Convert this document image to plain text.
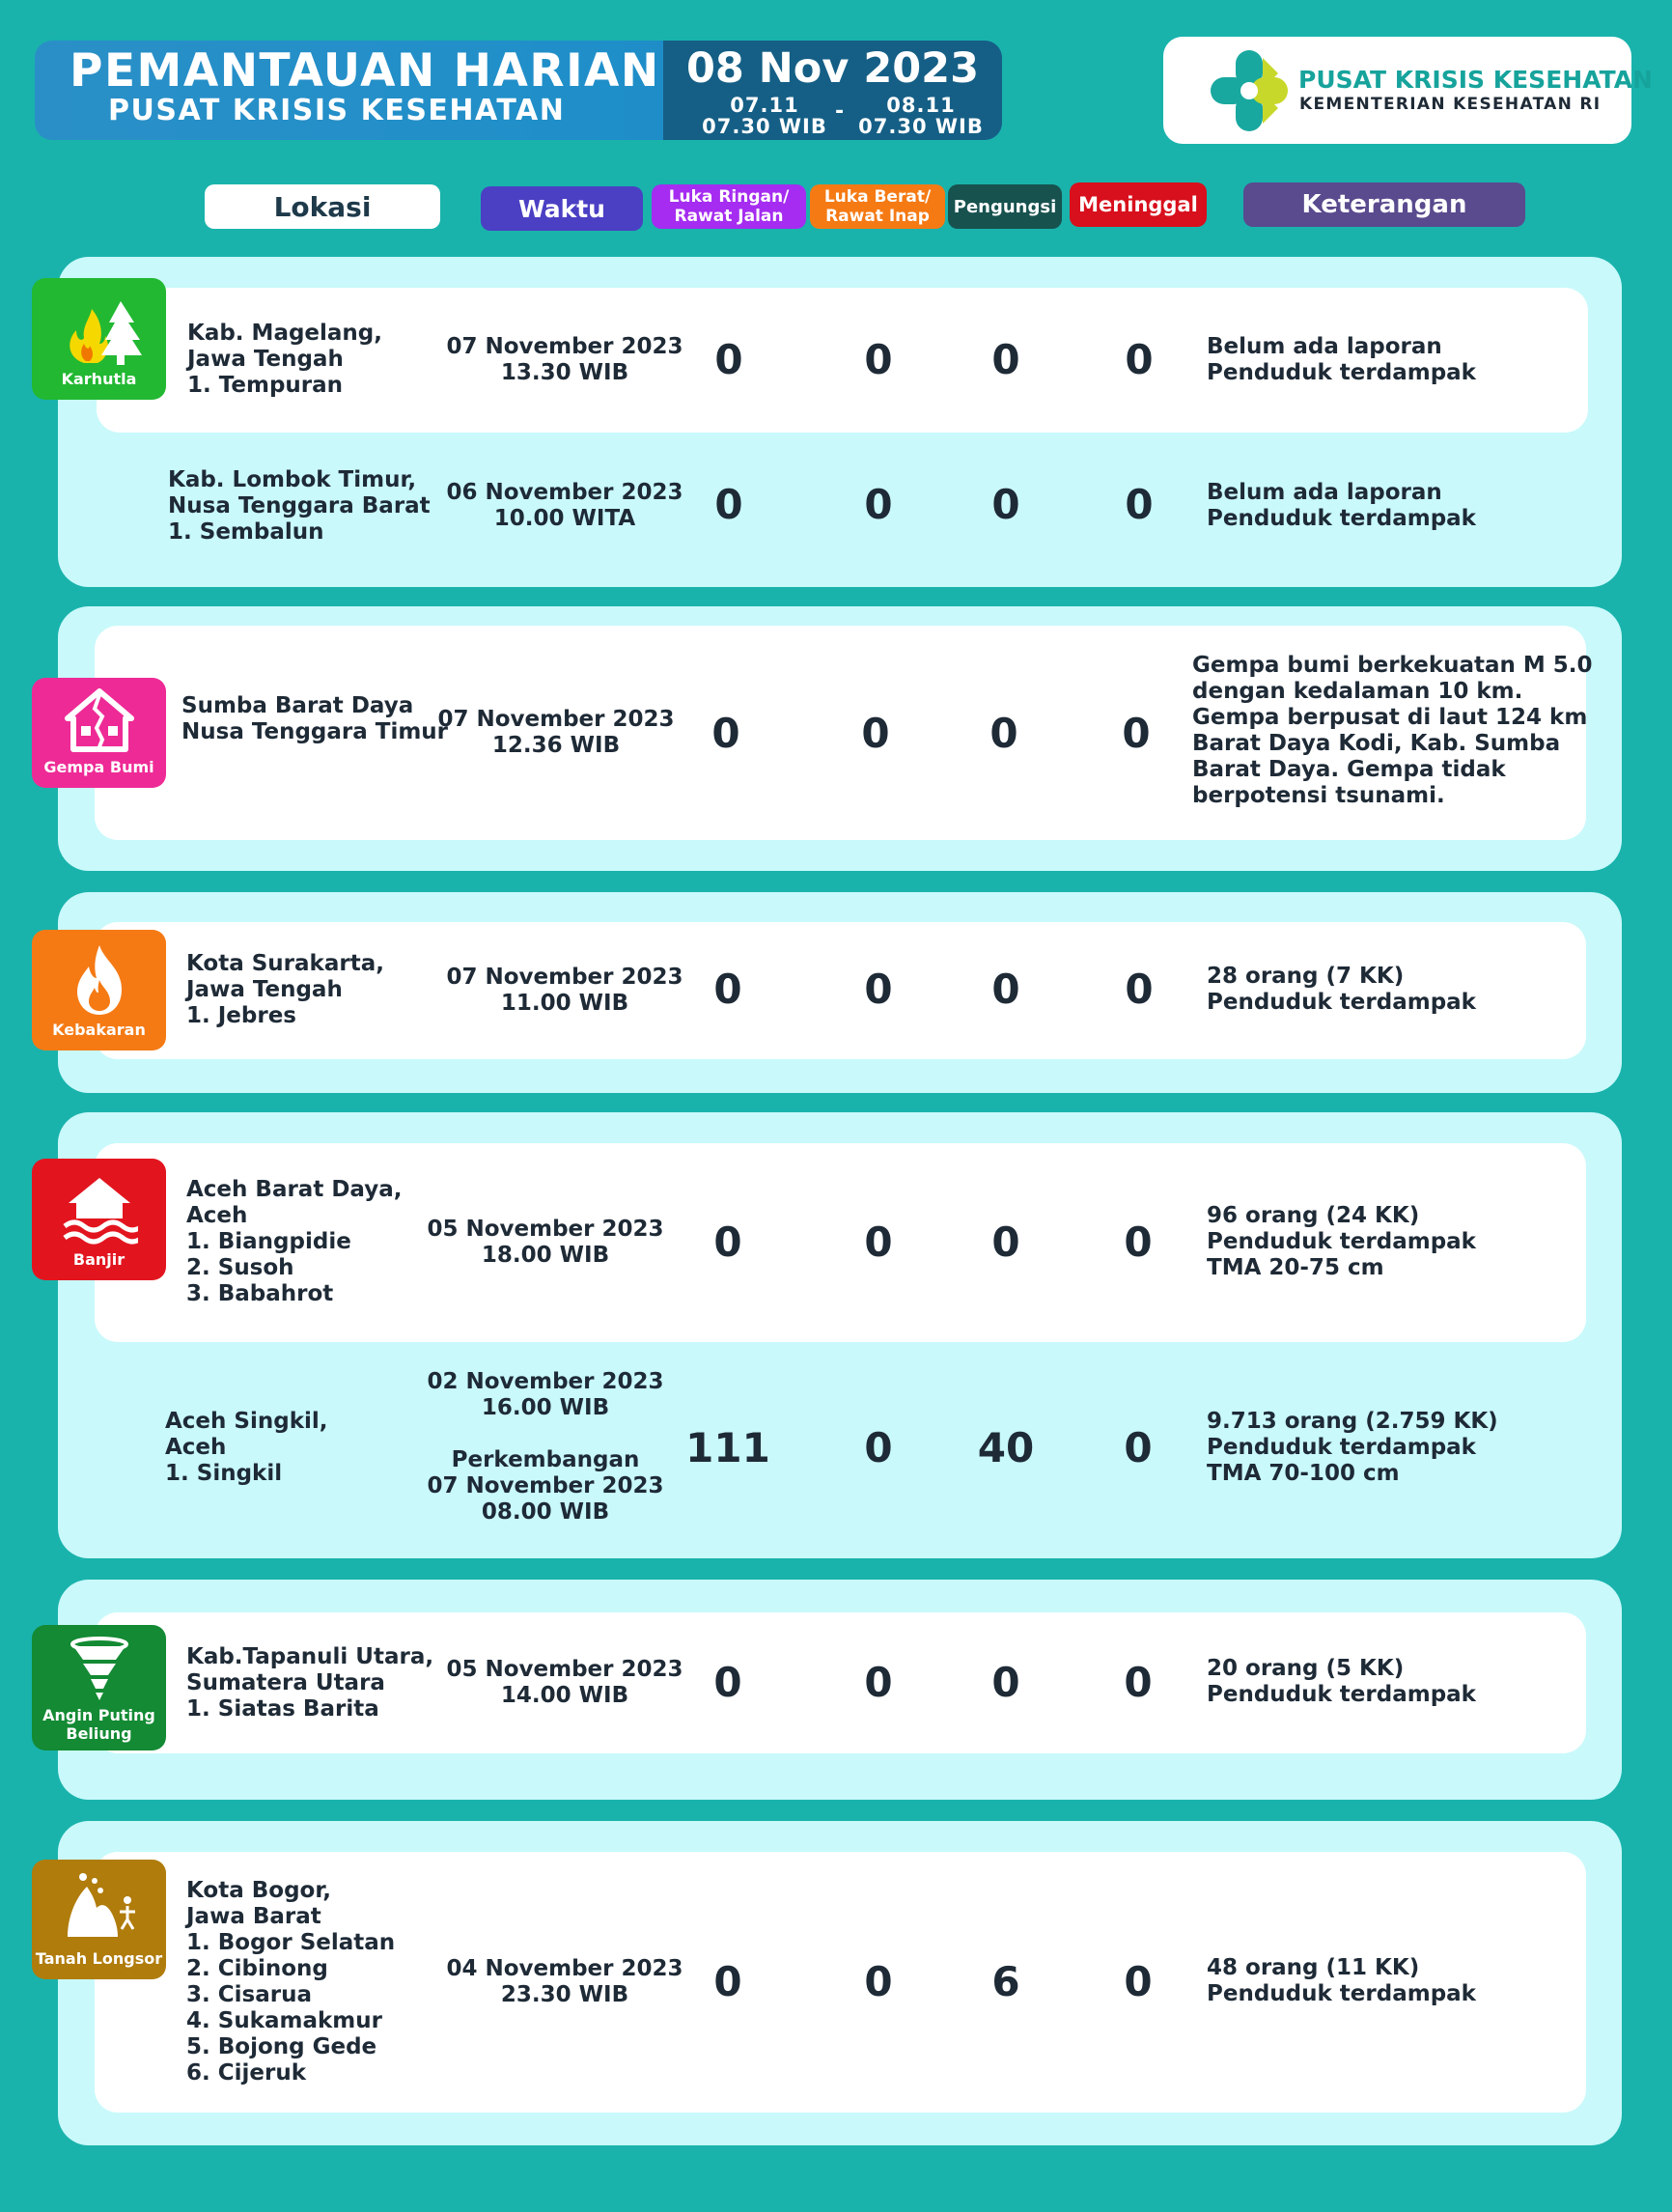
PEMANTAUAN HARIAN
PUSAT KRISIS KESEHATAN
08 Nov 2023
07.11
07.30 WIB
-	08.11
07.30 WIB
PUSAT KRISIS KESEHATAN
KEMENTERIAN KESEHATAN RI
Lokasi	Waktu	Luka Ringan/
Rawat Jalan
Luka Berat/
Rawat Inap	Pengungsi	Meninggal	Keterangan
Karhutla
Kab. Magelang,
Jawa Tengah
1. Tempuran
07 November 2023
13.30 WIB	0	0	0	0	Belum ada laporan
Penduduk terdampak
Kab. Lombok Timur,
Nusa Tenggara Barat
1. Sembalun
06 November 2023
10.00 WITA	0	0	0	0	Belum ada laporan
Penduduk terdampak
Gempa Bumi
Sumba Barat Daya
Nusa Tenggara Timur
07 November 2023
12.36 WIB	0	0	0	0
Gempa bumi berkekuatan M 5.0
dengan kedalaman 10 km.
Gempa berpusat di laut 124 km
Barat Daya Kodi, Kab. Sumba
Barat Daya. Gempa tidak
berpotensi tsunami.
Kebakaran
Kota Surakarta,
Jawa Tengah
1. Jebres
07 November 2023
11.00 WIB	0	0	0	0	28 orang (7 KK)
Penduduk terdampak
Banjir
Aceh Barat Daya,
Aceh
1. Biangpidie
2. Susoh
3. Babahrot
05 November 2023
18.00 WIB	0	0	0	0
96 orang (24 KK)
Penduduk terdampak
TMA 20-75 cm
Aceh Singkil,
Aceh
1. Singkil
02 November 2023
16.00 WIB

Perkembangan
07 November 2023
08.00 WIB
111	0	40	0
9.713 orang (2.759 KK)
Penduduk terdampak
TMA 70-100 cm
Angin Puting
Beliung
Kab.Tapanuli Utara,
Sumatera Utara
1. Siatas Barita
05 November 2023
14.00 WIB	0	0	0	0	20 orang (5 KK)
Penduduk terdampak
Tanah Longsor
Kota Bogor,
Jawa Barat
1. Bogor Selatan
2. Cibinong
3. Cisarua
4. Sukamakmur
5. Bojong Gede
6. Cijeruk
04 November 2023
23.30 WIB	0	0	6	0	48 orang (11 KK)
Penduduk terdampak
